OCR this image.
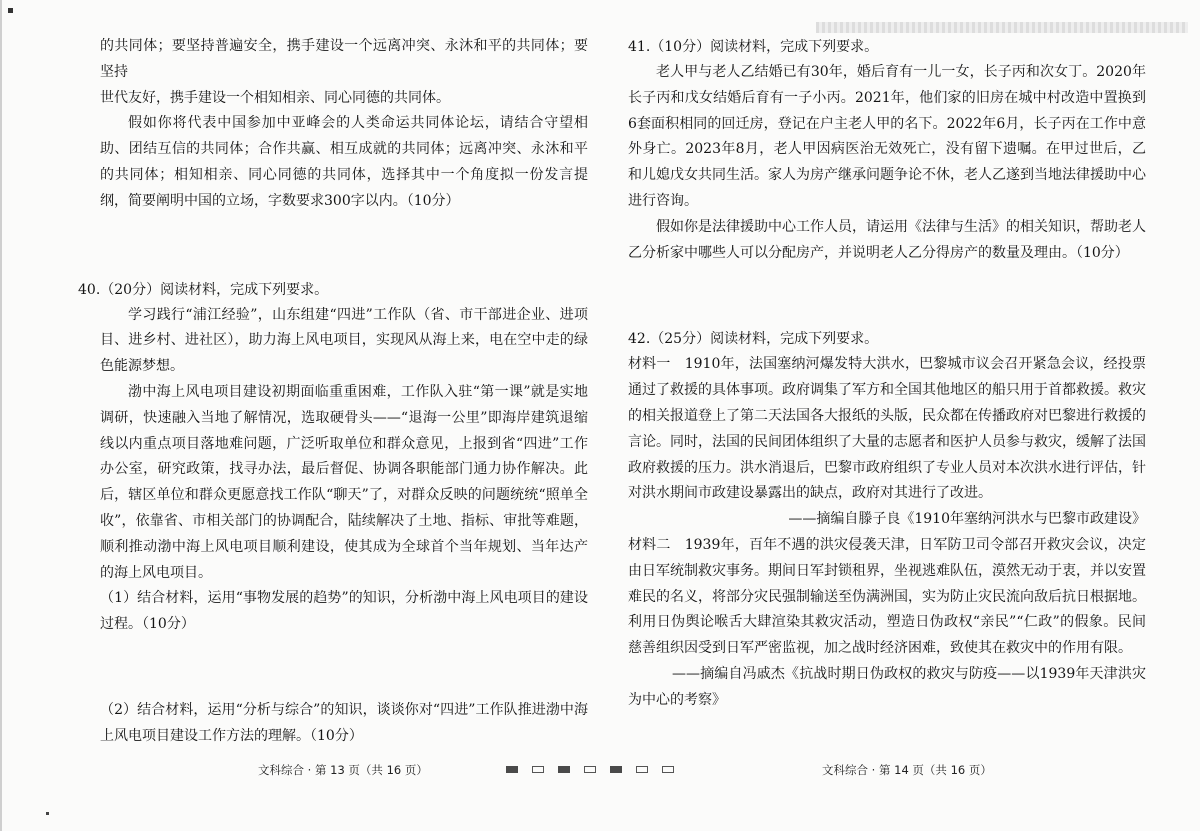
的共同体；要坚持普遍安全，携手建设一个远离冲突、永沐和平的共同体；要坚持

世代友好，携手建设一个相知相亲、同心同德的共同体。

假如你将代表中国参加中亚峰会的人类命运共同体论坛，请结合守望相助、团结互信的共同体；合作共赢、相互成就的共同体；远离冲突、永沐和平的共同体；相知相亲、同心同德的共同体，选择其中一个角度拟一份发言提纲，简要阐明中国的立场，字数要求300字以内。（10分）

40.（20分）阅读材料，完成下列要求。

学习践行“浦江经验”，山东组建“四进”工作队（省、市干部进企业、进项目、进乡村、进社区），助力海上风电项目，实现风从海上来，电在空中走的绿色能源梦想。

渤中海上风电项目建设初期面临重重困难，工作队入驻“第一课”就是实地调研，快速融入当地了解情况，选取硬骨头——“退海一公里”即海岸建筑退缩线以内重点项目落地难问题，广泛听取单位和群众意见，上报到省“四进”工作办公室，研究政策，找寻办法，最后督促、协调各职能部门通力协作解决。此后，辖区单位和群众更愿意找工作队“聊天”了，对群众反映的问题统统“照单全收”，依靠省、市相关部门的协调配合，陆续解决了土地、指标、审批等难题，顺利推动渤中海上风电项目顺利建设，使其成为全球首个当年规划、当年达产的海上风电项目。

（1）结合材料，运用“事物发展的趋势”的知识，分析渤中海上风电项目的建设过程。（10分）

（2）结合材料，运用“分析与综合”的知识，谈谈你对“四进”工作队推进渤中海上风电项目建设工作方法的理解。（10分）

41.（10分）阅读材料，完成下列要求。

老人甲与老人乙结婚已有30年，婚后育有一儿一女，长子丙和次女丁。2020年长子丙和戊女结婚后育有一子小丙。2021年，他们家的旧房在城中村改造中置换到6套面积相同的回迁房，登记在户主老人甲的名下。2022年6月，长子丙在工作中意外身亡。2023年8月，老人甲因病医治无效死亡，没有留下遗嘱。在甲过世后，乙和儿媳戊女共同生活。家人为房产继承问题争论不休，老人乙遂到当地法律援助中心进行咨询。

假如你是法律援助中心工作人员，请运用《法律与生活》的相关知识，帮助老人乙分析家中哪些人可以分配房产，并说明老人乙分得房产的数量及理由。（10分）

42.（25分）阅读材料，完成下列要求。

材料一　1910年，法国塞纳河爆发特大洪水，巴黎城市议会召开紧急会议，经投票通过了救援的具体事项。政府调集了军方和全国其他地区的船只用于首都救援。救灾的相关报道登上了第二天法国各大报纸的头版，民众都在传播政府对巴黎进行救援的言论。同时，法国的民间团体组织了大量的志愿者和医护人员参与救灾，缓解了法国政府救援的压力。洪水消退后，巴黎市政府组织了专业人员对本次洪水进行评估，针对洪水期间市政建设暴露出的缺点，政府对其进行了改进。

——摘编自滕子良《1910年塞纳河洪水与巴黎市政建设》

材料二　1939年，百年不遇的洪灾侵袭天津，日军防卫司令部召开救灾会议，决定由日军统制救灾事务。期间日军封锁租界，坐视逃难队伍，漠然无动于衷，并以安置难民的名义，将部分灾民强制输送至伪满洲国，实为防止灾民流向敌后抗日根据地。利用日伪舆论喉舌大肆渲染其救灾活动，塑造日伪政权“亲民”“仁政”的假象。民间慈善组织因受到日军严密监视，加之战时经济困难，致使其在救灾中的作用有限。

——摘编自冯戚杰《抗战时期日伪政权的救灾与防疫——以1939年天津洪灾为中心的考察》

文科综合 · 第 13 页（共 16 页）	文科综合 · 第 14 页（共 16 页）
